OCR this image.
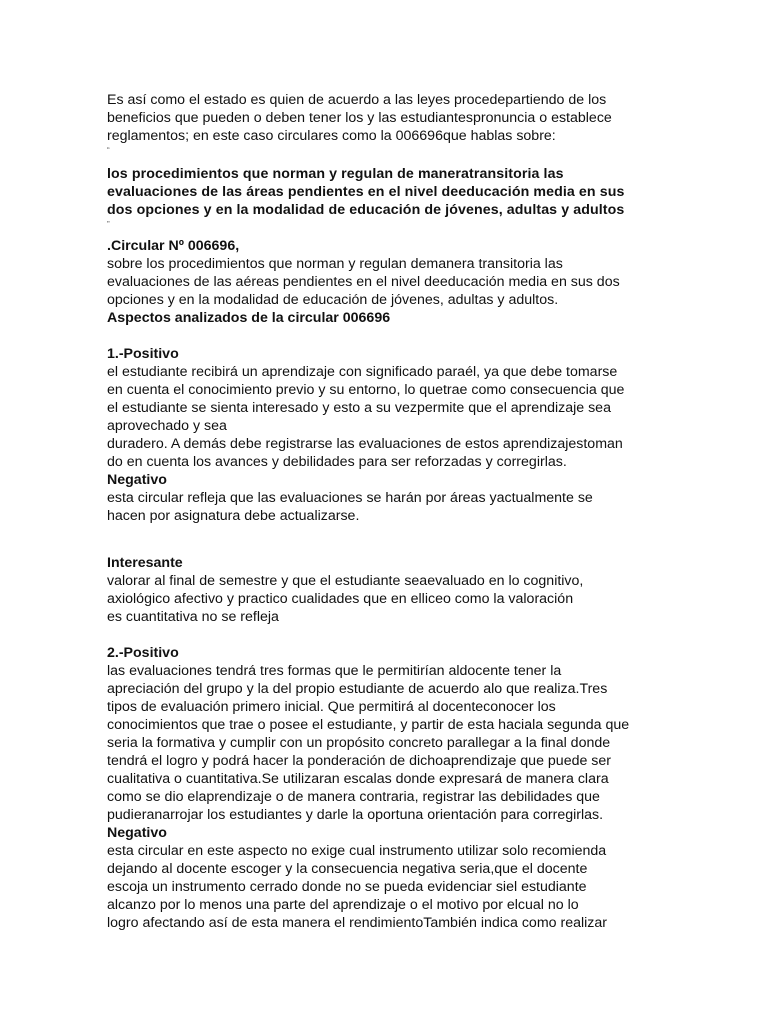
Es así como el estado es quien de acuerdo a las leyes procedepartiendo de los
beneficios que pueden o deben tener los y las estudiantespronuncia o establece
reglamentos; en este caso circulares como la 006696que hablas sobre:
“
los procedimientos que norman y regulan de maneratransitoria las
evaluaciones de las áreas pendientes en el nivel deeducación media en sus
dos opciones y en la modalidad de educación de jóvenes, adultas y adultos
”
.Circular Nº 006696,
sobre los procedimientos que norman y regulan demanera transitoria las
evaluaciones de las aéreas pendientes en el nivel deeducación media en sus dos
opciones y en la modalidad de educación de jóvenes, adultas y adultos.
Aspectos analizados de la circular 006696
1.-Positivo
el estudiante recibirá un aprendizaje con significado paraél, ya que debe tomarse
en cuenta el conocimiento previo y su entorno, lo quetrae como consecuencia que
el estudiante se sienta interesado y esto a su vezpermite que el aprendizaje sea
aprovechado y sea
duradero. A demás debe registrarse las evaluaciones de estos aprendizajestoman
do en cuenta los avances y debilidades para ser reforzadas y corregirlas.
Negativo
esta circular refleja que las evaluaciones se harán por áreas yactualmente se
hacen por asignatura debe actualizarse.
Interesante
valorar al final de semestre y que el estudiante seaevaluado en lo cognitivo,
axiológico afectivo y practico cualidades que en elliceo como la valoración
es cuantitativa no se refleja
2.-Positivo
las evaluaciones tendrá tres formas que le permitirían aldocente tener la
apreciación del grupo y la del propio estudiante de acuerdo alo que realiza.Tres
tipos de evaluación primero inicial. Que permitirá al docenteconocer los
conocimientos que trae o posee el estudiante, y partir de esta haciala segunda que
seria la formativa y cumplir con un propósito concreto parallegar a la final donde
tendrá el logro y podrá hacer la ponderación de dichoaprendizaje que puede ser
cualitativa o cuantitativa.Se utilizaran escalas donde expresará de manera clara
como se dio elaprendizaje o de manera contraria, registrar las debilidades que
pudieranarrojar los estudiantes y darle la oportuna orientación para corregirlas.
Negativo
esta circular en este aspecto no exige cual instrumento utilizar solo recomienda
dejando al docente escoger y la consecuencia negativa seria,que el docente
escoja un instrumento cerrado donde no se pueda evidenciar siel estudiante
alcanzo por lo menos una parte del aprendizaje o el motivo por elcual no lo
logro afectando así de esta manera el rendimientoTambién indica como realizar
